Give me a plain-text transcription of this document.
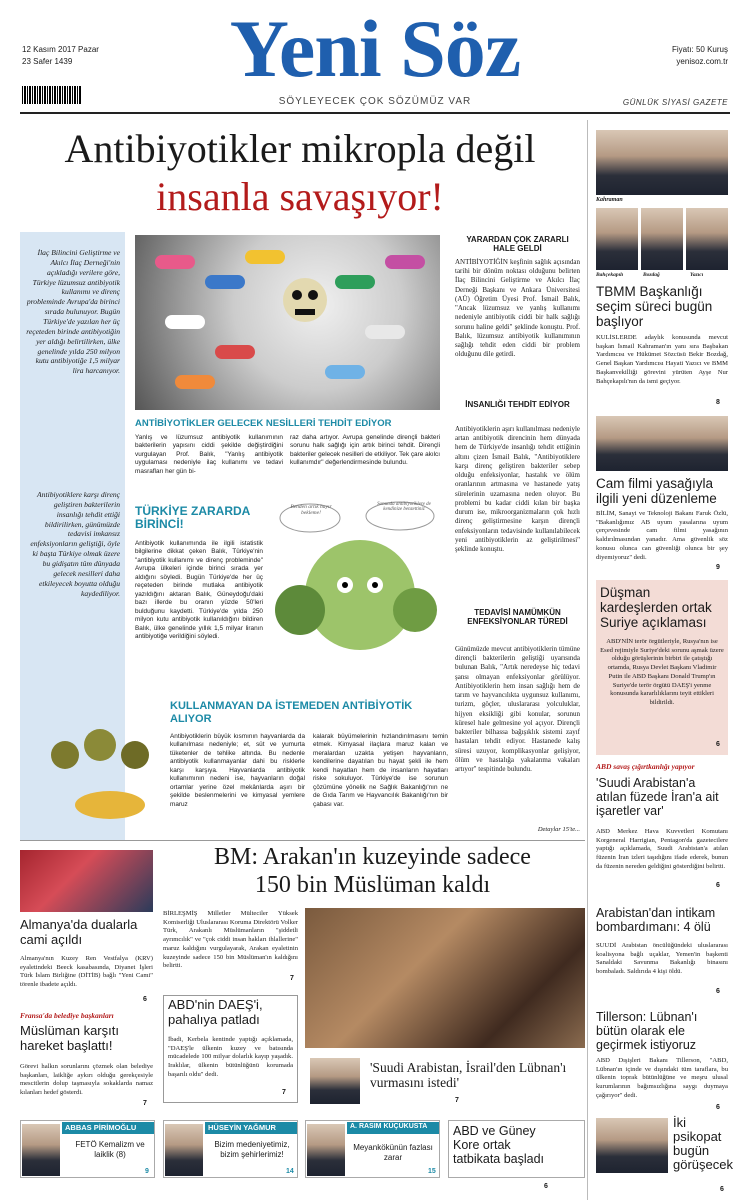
12 Kasım 2017 Pazar
23 Safer 1439	Yeni Söz
SÖYLEYECEK ÇOK SÖZÜMÜZ VAR
Fiyatı: 50 Kuruş
yenisoz.com.tr
GÜNLÜK SİYASİ GAZETE
Antibiyotikler mikropla değil
insanla savaşıyor!
İlaç Bilincini Geliştirme ve Akılcı İlaç Derneği'nin açıkladığı verilere göre, Türkiye lüzumsuz antibiyotik kullanımı ve direnç probleminde Avrupa'da birinci sırada bulunuyor. Bugün Türkiye'de yazılan her üç reçeteden birinde antibiyotiğin yer aldığı belirtilirken, ülke genelinde yılda 250 milyon kutu antibiyotiğe 1,5 milyar lira harcanıyor.
Antibiyotiklere karşı direnç geliştiren bakterilerin insanlığı tehdit ettiği bildirilirken, günümüzde tedavisi imkansız enfeksiyonların geliştiği, öyle ki başta Türkiye olmak üzere bu gidişatın tüm dünyada gelecek nesilleri daha etkileyecek boyutta olduğu kaydediliyor.
ANTİBİYOTİKLER GELECEK NESİLLERİ TEHDİT EDİYOR
Yanlış ve lüzumsuz antibiyotik kullanımının bakterilerin yapısını ciddi şekilde değiştirdiğini vurgulayan Prof. Balık, "Yanlış antibiyotik uygulaması nedeniyle ilaç kullanımı ve tedavi masrafları her gün bi-
raz daha artıyor. Avrupa genelinde dirençli bakteri sorunu halk sağlığı için artık birinci tehdit. Dirençli bakteriler gelecek nesilleri de etkiliyor. Tek çare akılcı kullanımdır" değerlendirmesinde bulundu.
TÜRKİYE ZARARDA BİRİNCİ!
Antibiyotik kullanımında ile ilgili istatistik bilgilerine dikkat çeken Balık, Türkiye'nin "antibiyotik kullanımı ve direnç probleminde" Avrupa ülkeleri içinde birinci sırada yer aldığını söyledi. Bugün Türkiye'de her üç reçeteden birinde mutlaka antibiyotik yazıldığını aktaran Balık, Güneydoğu'daki bazı illerde bu oranın yüzde 50'leri bulduğunu kaydetti. Türkiye'de yılda 250 milyon kutu antibiyotik kullanıldığını bildiren Balık, ülke genelinde yıllık 1,5 milyar liranın antibiyotiğe verildiğini söyledi.
Benden artık hayır bekleme!
Sonunda antibiyotiklere de kendinize benzettiniz
KULLANMAYAN DA İSTEMEDEN ANTİBİYOTİK ALIYOR
Antibiyotiklerin büyük kısmının hayvanlarda da kullanılması nedeniyle; et, süt ve yumurta tüketenler de tehlike altında. Bu nedenle antibiyotik kullanmayanlar dahi bu risklerle karşı karşıya. Hayvanlarda antibiyotik kullanımının nedeni ise, hayvanların doğal ortamlar yerine özel mekânlarda aşırı bir şekilde beslenmelerini ve kimyasal yemlere maruz
kalarak büyümelerinin hızlandırılmasını temin etmek. Kimyasal ilaçlara maruz kalan ve meralardan uzakta yetişen hayvanların, kendilerine dayatılan bu hayat şekli ile hem kendi hayatları hem de insanların hayatları riske sokuluyor. Türkiye'de ise sorunun çözümüne yönelik ne Sağlık Bakanlığı'nın ne de Gıda Tarım ve Hayvancılık Bakanlığı'nın bir çabası var.
YARARDAN ÇOK ZARARLI HALE GELDİ
ANTİBİYOTİĞİN keşfinin sağlık açısından tarihi bir dönüm noktası olduğunu belirten İlaç Bilincini Geliştirme ve Akılcı İlaç Derneği Başkanı ve Ankara Üniversitesi (AÜ) Öğretim Üyesi Prof. İsmail Balık, "Ancak lüzumsuz ve yanlış kullanımı nedeniyle antibiyotik ciddi bir halk sağlığı sorunu haline geldi" şeklinde konuştu. Prof. Balık, lüzumsuz antibiyotik kullanımının sağlığı tehdit eden ciddi bir problem olduğunu dile getirdi.
İNSANLIĞI TEHDİT EDİYOR
Antibiyotiklerin aşırı kullanılması nedeniyle artan antibiyotik direncinin hem dünyada hem de Türkiye'de insanlığı tehdit ettiğinin altını çizen İsmail Balık, "Antibiyotiklere karşı direnç geliştiren bakteriler sebep olduğu enfeksiyonlar, hastalık ve ölüm oranlarının artmasına ve hastanede yatış sürelerinin uzamasına neden oluyor. Bu problemi bu kadar ciddi kılan bir başka durum ise, mikroorganizmaların çok hızlı direnç geliştirmesine karşın dirençli enfeksiyonların tedavisinde kullanılabilecek yeni antibiyotiklerin az geliştirilmesi" şeklinde konuştu.
TEDAVİSİ NAMÜMKÜN ENFEKSİYONLAR TÜREDİ
Günümüzde mevcut antibiyotiklerin tümüne dirençli bakterilerin geliştiği uyarısında bulunan Balık, "Artık neredeyse hiç tedavi şansı olmayan enfeksiyonlar görülüyor. Antibiyotiklerin hem insan sağlığı hem de tarım ve hayvancılıkta uygunsuz kullanımı, turizm, göçler, uluslararası yolculuklar, hijyen eksikliği gibi konular, sorunun küresel hale gelmesine yol açıyor. Dirençli bakteriler bilhassa bağışıklık sistemi zayıf hastaları tehdit ediyor. Hastanede kalış süresi uzuyor, komplikasyonlar gelişiyor, ölüm ve hastalığa yakalanma vakaları artıyor" tespitinde bulundu.
Detaylar 15'te...
Kahraman
Bahçekapılı	Bozdağ	Yazıcı
TBMM Başkanlığı seçim süreci bugün başlıyor
KULİSLERDE adaylık konusunda mevcut başkan İsmail Kahraman'ın yanı sıra Başbakan Yardımcısı ve Hükümet Sözcüsü Bekir Bozdağ, Genel Başkan Yardımcısı Hayati Yazıcı ve BMM Başkanvekilliği görevini yürüten Ayşe Nur Bahçekapılı'nın da ismi geçiyor.
8
Cam filmi yasağıyla ilgili yeni düzenleme
BİLİM, Sanayi ve Teknoloji Bakanı Faruk Özlü, "Bakanlığımız AB uyum yasalarına uyum çerçevesinde cam filmi yasağının kaldırılmasından yanadır. Ama güvenlik söz konusu olunca can güvenliği olunca bir şey diyemiyoruz" dedi.
9
Düşman kardeşlerden ortak Suriye açıklaması
ABD'NİN terör örgütleriyle, Rusya'nın ise Esed rejimiyle Suriye'deki sorunu aşmak üzere olduğu görüşlerinin birbiri ile çatıştığı ortamda, Rusya Devlet Başkanı Vladimir Putin ile ABD Başkanı Donald Trump'ın Suriye'de terör örgütü DAEŞ'i yenme konusunda kararlılıklarını teyit ettikleri bildirildi.
6
ABD savaş çığırtkanlığı yapıyor
'Suudi Arabistan'a atılan füzede İran'a ait işaretler var'
ABD Merkez Hava Kuvvetleri Komutanı Korgeneral Harrigian, Pentagon'da gazetecilere yaptığı açıklamada, Suudi Arabistan'a atılan füzenin İran izleri taşıdığını ifade ederek, bunun da füzenin nereden geldiğini gösterdiğini belirtti.
6
Arabistan'dan intikam bombardımanı: 4 ölü
SUUDİ Arabistan öncülüğündeki uluslararası koalisyona bağlı uçaklar, Yemen'in başkenti Sanaldaki Savunma Bakanlığı binasını bombaladı. Saldırıda 4 kişi öldü.
6
Tillerson: Lübnan'ı bütün olarak ele geçirmek istiyoruz
ABD Dışişleri Bakanı Tillerson, "ABD, Lübnan'ın içinde ve dışındaki tüm taraflara, bu ülkenin toprak bütünlüğüne ve meşru ulusal kurumlarının bağımsızlığına saygı duymaya çağırıyor" dedi.
6
İki psikopat bugün görüşecek
6
Almanya'da dualarla cami açıldı
Almanya'nın Kuzey Ren Vestfalya (KRV) eyaletindeki Beeck kasabasında, Diyanet İşleri Türk İslam Birliğine (DİTİB) bağlı "Yeni Cami" törenle ibadete açıldı.
6
Fransa'da belediye başkanları
Müslüman karşıtı hareket başlattı!
Görevi halkın sorunlarını çözmek olan belediye başkanları, laikliğe aykırı olduğu gerekçesiyle mescitlerin dolup taşmasıyla sokaklarda namaz kılanları hedef gösterdi.
7
BM: Arakan'ın kuzeyinde sadece
150 bin Müslüman kaldı
BİRLEŞMİŞ Milletler Mülteciler Yüksek Komiserliği Uluslararası Koruma Direktörü Volker Türk, Arakanlı Müslümanların "şiddetli ayrımcılık" ve "çok ciddi insan hakları ihlallerine" maruz kaldığını vurgulayarak, Arakan eyaletinin kuzeyinde sadece 150 bin Müslüman'ın kaldığını belirtti.
7
ABD'nin DAEŞ'i, pahalıya patladı
İbadi, Kerbela kentinde yaptığı açıklamada, "DAEŞ'le ülkenin kuzey ve batısında mücadelede 100 milyar dolarlık kayıp yaşadık. Iraklılar, ülkenin bütünlüğünü korumada başarılı oldu" dedi.
7
'Suudi Arabistan, İsrail'den Lübnan'ı vurmasını istedi'
7
ABBAS PİRİMOĞLU
FETÖ Kemalizm ve laiklik (8)
9
HÜSEYİN YAĞMUR
Bizim medeniyetimiz, bizim şehirlerimiz!
14
A. RASIM KÜÇÜKUSTA
Meyankökünün fazlası zarar
15
ABD ve Güney Kore ortak tatbikata başladı
6
